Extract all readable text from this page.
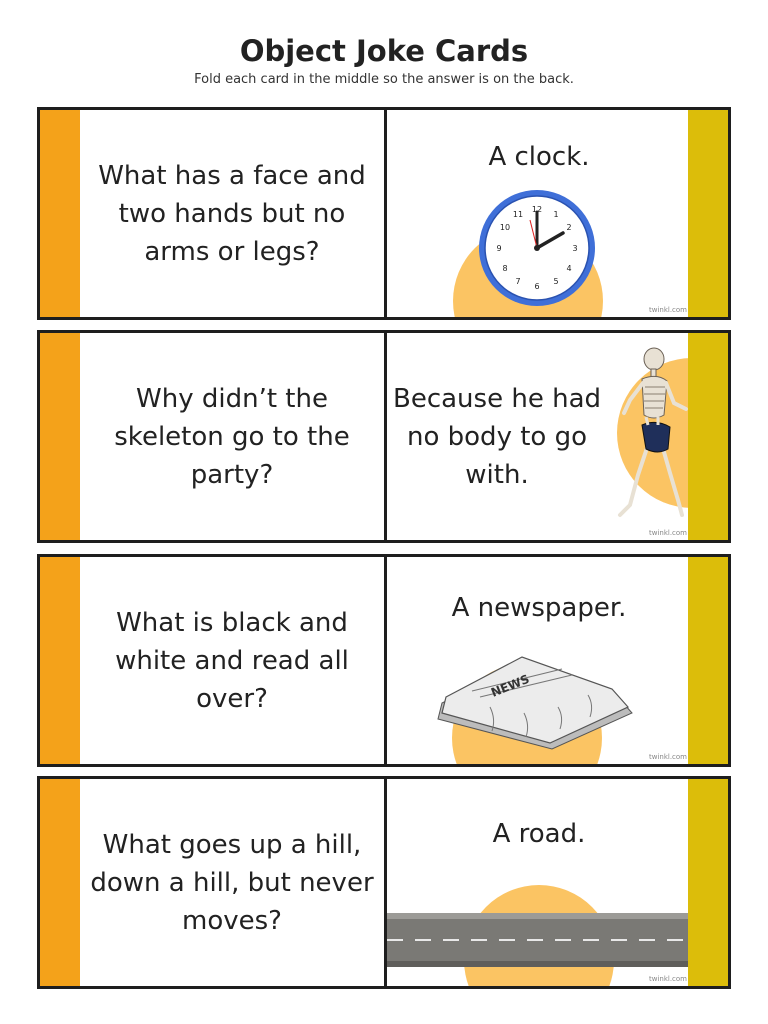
Object Joke Cards
Fold each card in the middle so the answer is on the back.
What has a face and two hands but no arms or legs?
A clock.
12
1
2
3
4
5
6
7
8
9
10
11
twinkl.com
Why didn’t the skeleton go to the party?
Because he had no body to go with.
twinkl.com
What is black and white and read all over?
A newspaper.
NEWS
twinkl.com
What goes up a hill, down a hill, but never moves?
A road.
twinkl.com
